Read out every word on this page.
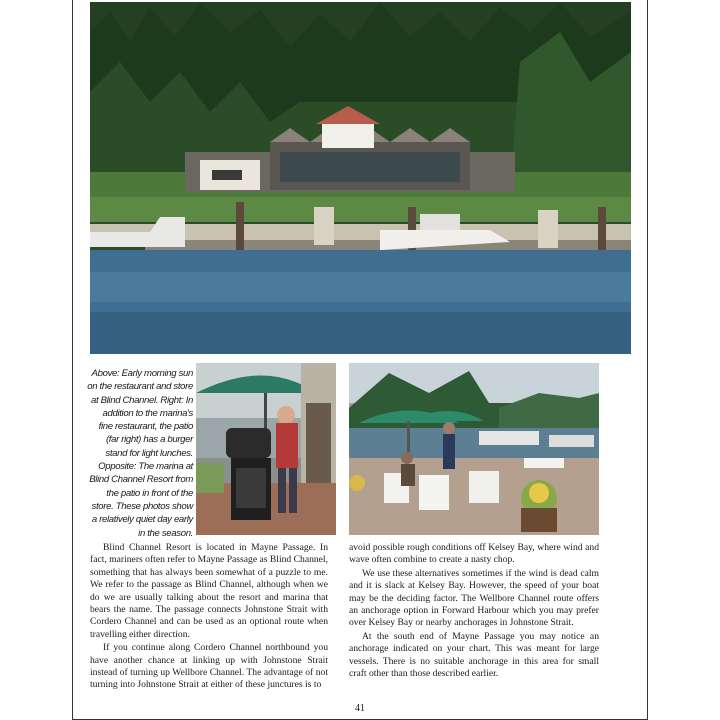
Above: Early morning sun on the restaurant and store at Blind Channel. Right: In addition to the marina's fine restaurant, the patio (far right) has a burger stand for light lunches. Opposite: The marina at Blind Channel Resort from the patio in front of the store. These photos show a relatively quiet day early in the season.

Blind Channel Resort is located in Mayne Passage. In fact, mariners often refer to Mayne Passage as Blind Channel, something that has always been somewhat of a puzzle to me. We refer to the passage as Blind Channel, although when we do we are usually talking about the resort and marina that bears the name. The passage connects Johnstone Strait with Cordero Channel and can be used as an optional route when travelling either direction.

If you continue along Cordero Channel northbound you have another chance at linking up with Johnstone Strait instead of turning up Wellbore Channel. The advantage of not turning into Johnstone Strait at either of these junctures is to

avoid possible rough conditions off Kelsey Bay, where wind and wave often combine to create a nasty chop.

We use these alternatives sometimes if the wind is dead calm and it is slack at Kelsey Bay. However, the speed of your boat may be the deciding factor. The Wellbore Channel route offers an anchorage option in Forward Harbour which you may prefer over Kelsey Bay or nearby anchorages in Johnstone Strait.

At the south end of Mayne Passage you may notice an anchorage indicated on your chart. This was meant for large vessels. There is no suitable anchorage in this area for small craft other than those described earlier.

41
